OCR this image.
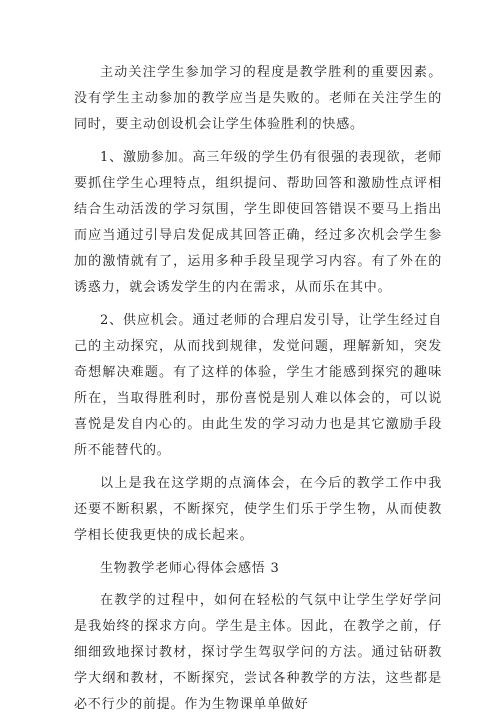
主动关注学生参加学习的程度是教学胜利的重要因素。没有学生主动参加的教学应当是失败的。老师在关注学生的同时，要主动创设机会让学生体验胜利的快感。

1、激励参加。高三年级的学生仍有很强的表现欲，老师要抓住学生心理特点，组织提问、帮助回答和激励性点评相结合生动活泼的学习氛围，学生即使回答错误不要马上指出而应当通过引导启发促成其回答正确，经过多次机会学生参加的激情就有了，运用多种手段呈现学习内容。有了外在的诱惑力，就会诱发学生的内在需求，从而乐在其中。

2、供应机会。通过老师的合理启发引导，让学生经过自己的主动探究，从而找到规律，发觉问题，理解新知，突发奇想解决难题。有了这样的体验，学生才能感到探究的趣味所在，当取得胜利时，那份喜悦是别人难以体会的，可以说喜悦是发自内心的。由此生发的学习动力也是其它激励手段所不能替代的。

以上是我在这学期的点滴体会，在今后的教学工作中我还要不断积累，不断探究，使学生们乐于学生物，从而使教学相长使我更快的成长起来。

生物教学老师心得体会感悟 3

在教学的过程中，如何在轻松的气氛中让学生学好学问是我始终的探求方向。学生是主体。因此，在教学之前，仔细细致地探讨教材，探讨学生驾驭学问的方法。通过钻研教学大纲和教材，不断探究，尝试各种教学的方法，这些都是必不行少的前提。作为生物课单单做好
